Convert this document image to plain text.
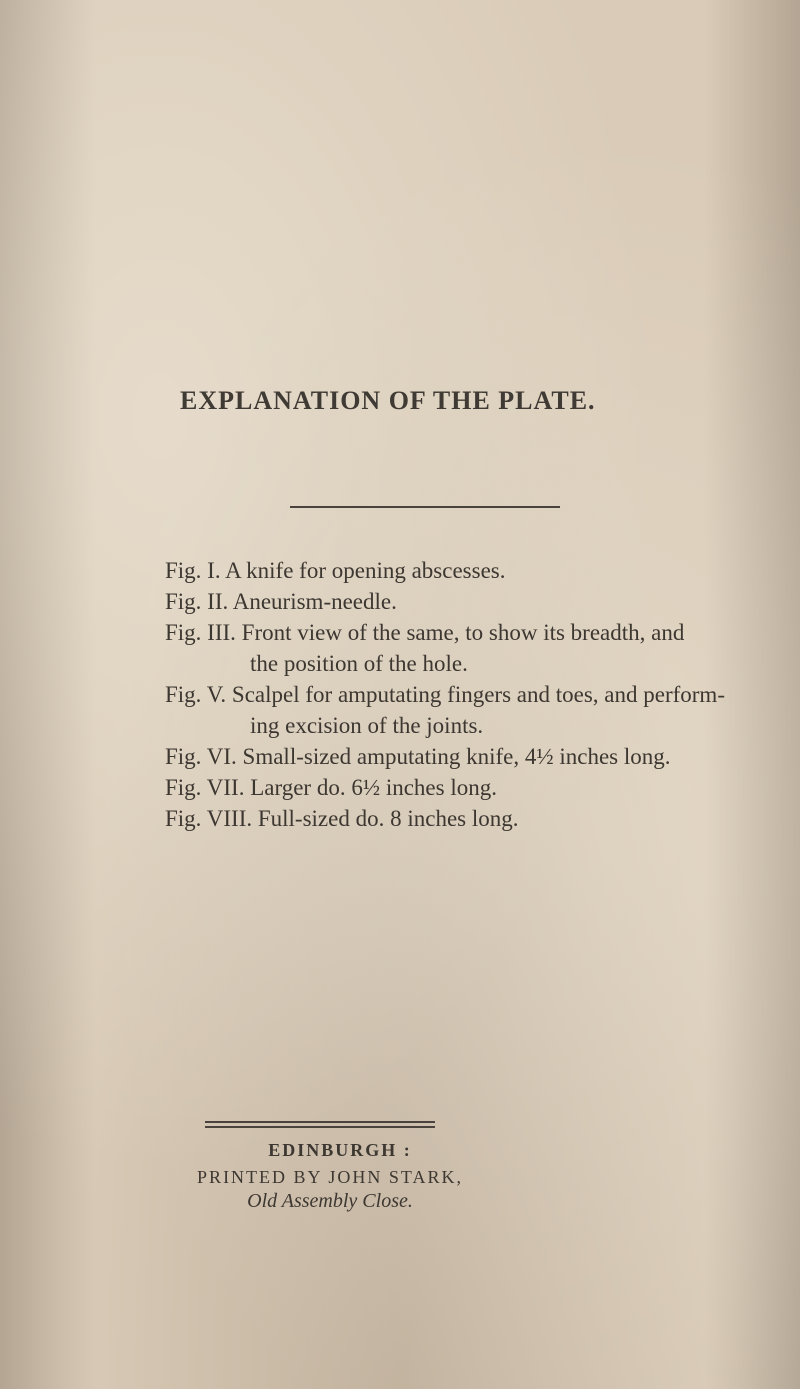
EXPLANATION OF THE PLATE.

Fig. I. A knife for opening abscesses.

Fig. II. Aneurism-needle.

Fig. III. Front view of the same, to show its breadth, and
the position of the hole.

Fig. V. Scalpel for amputating fingers and toes, and perform-
ing excision of the joints.

Fig. VI. Small-sized amputating knife, 4½ inches long.

Fig. VII. Larger do. 6½ inches long.

Fig. VIII. Full-sized do. 8 inches long.

EDINBURGH :
PRINTED BY JOHN STARK,
Old Assembly Close.
